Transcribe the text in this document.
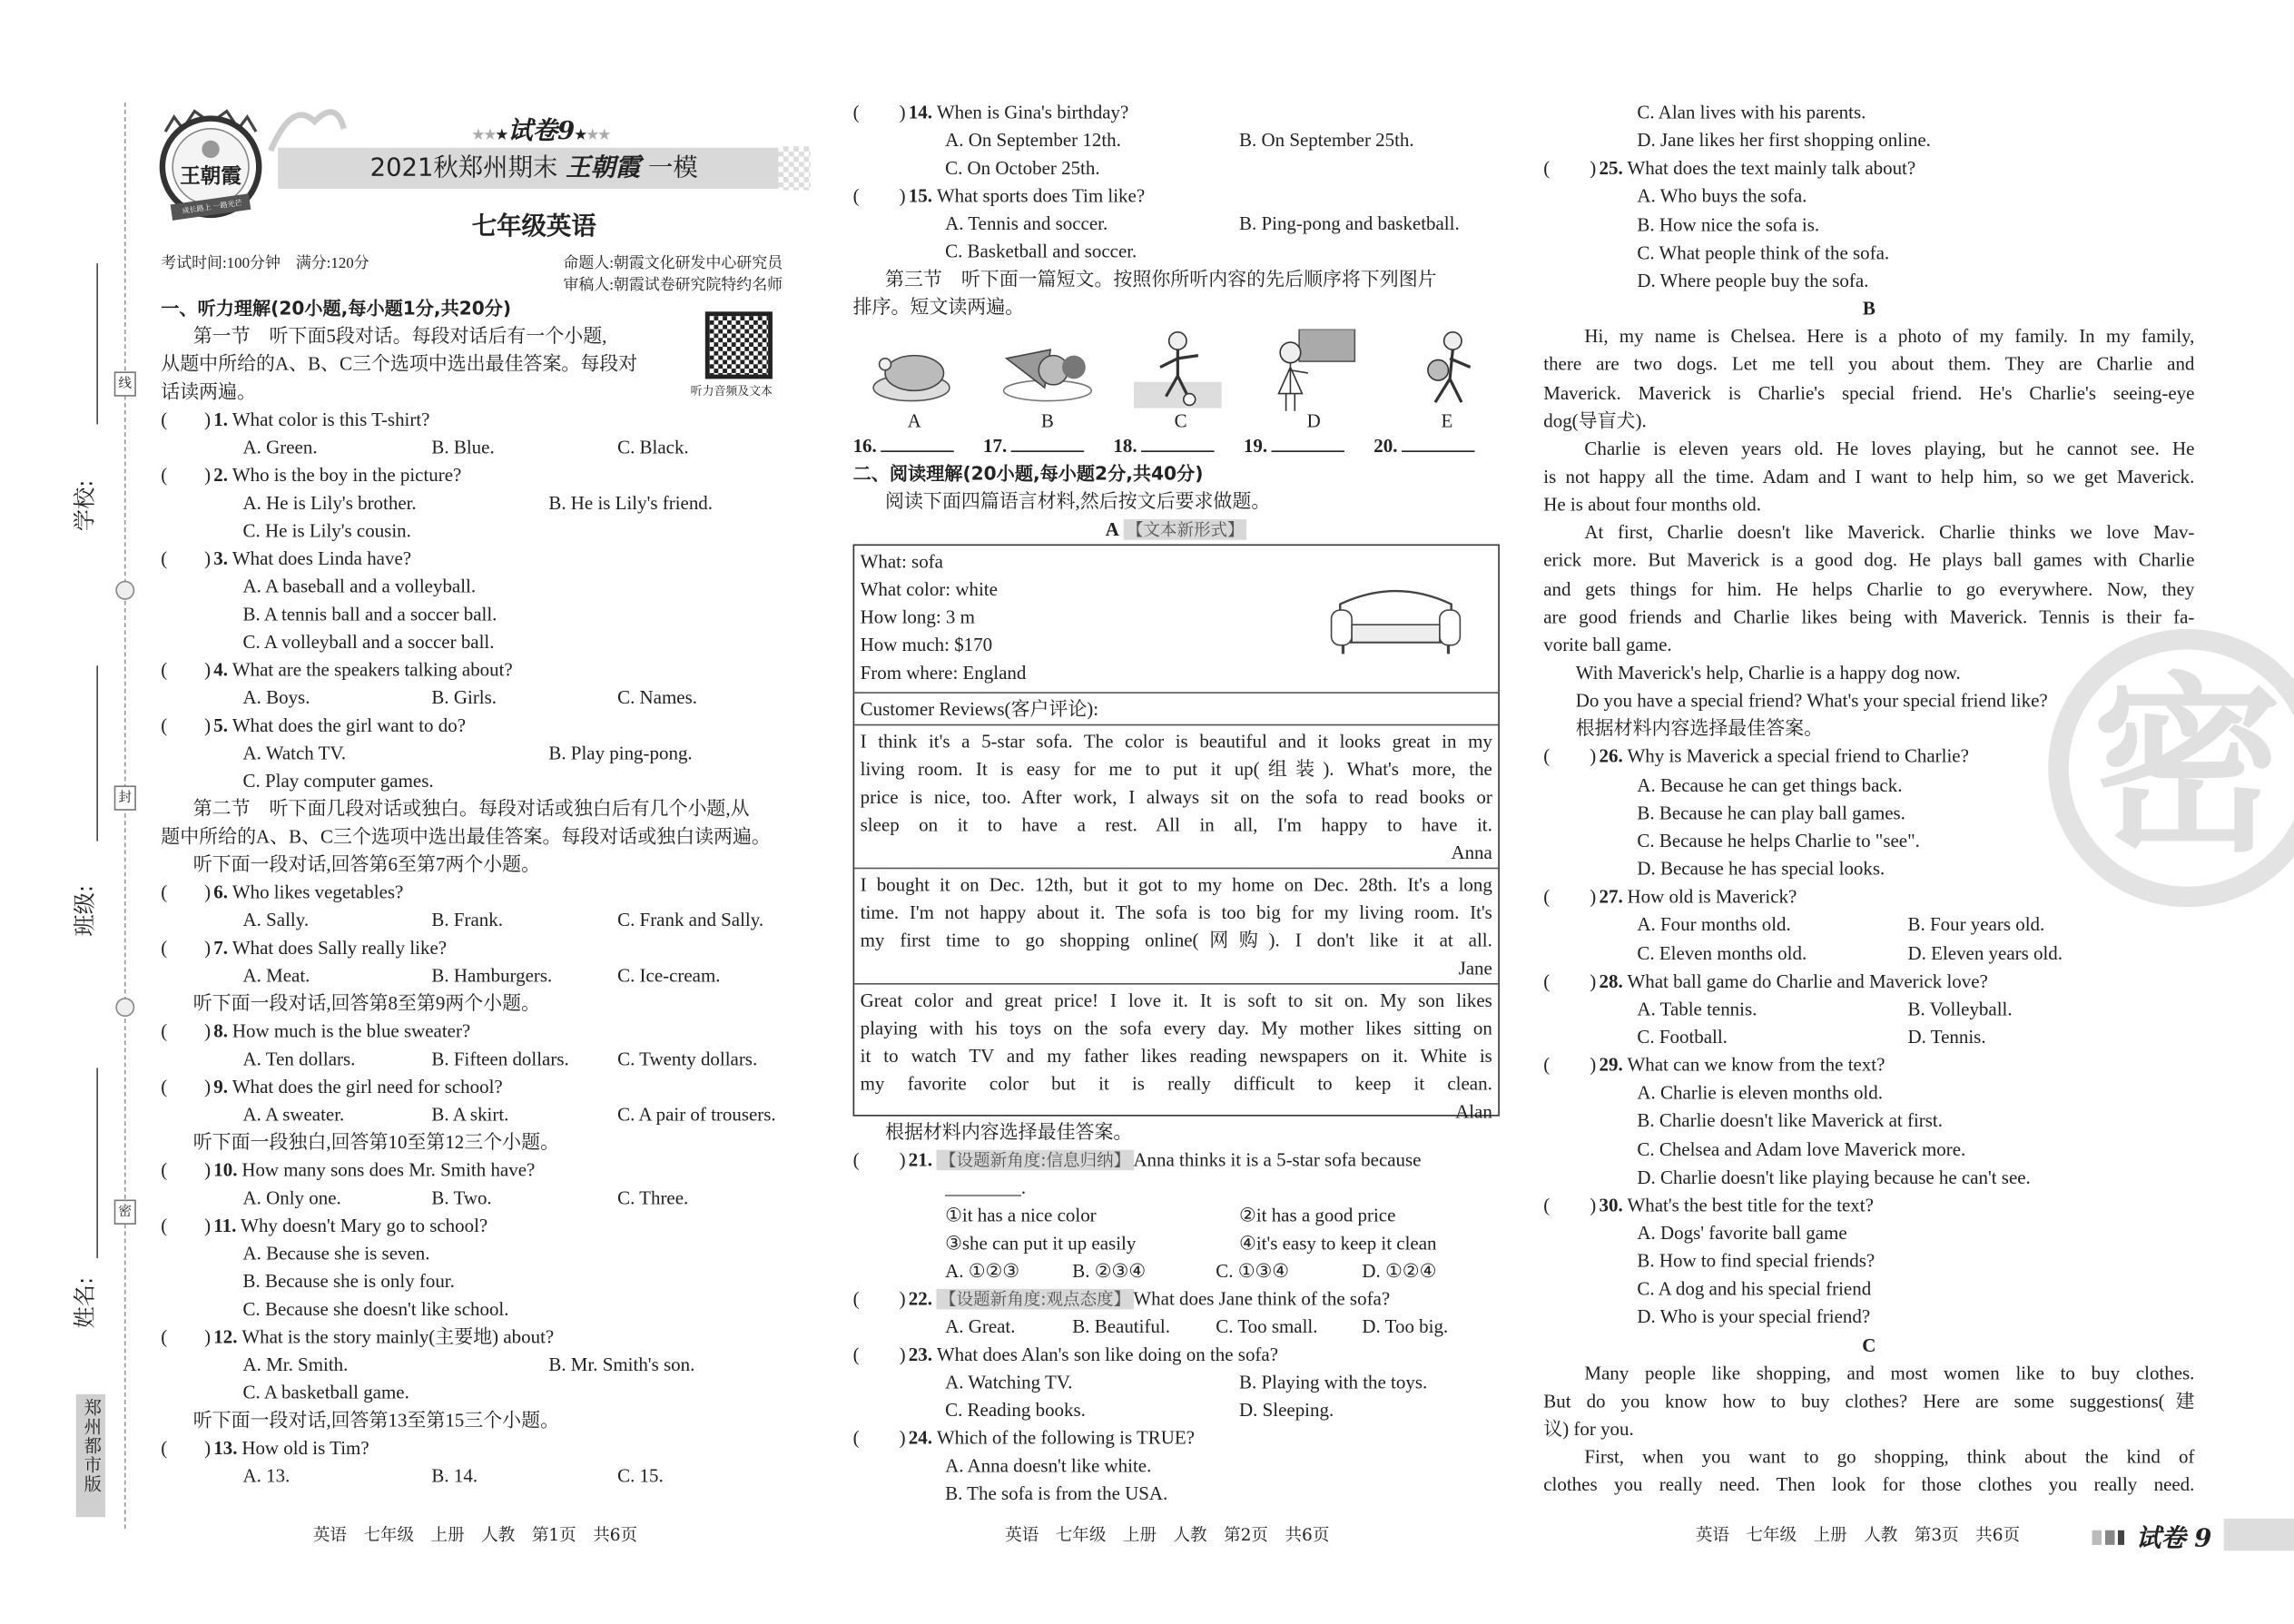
密
学校:
班级:
姓名:
线
封
密
郑州都市版
王朝霞
成长路上 一路光芒
★★★试卷9★★★
2021秋郑州期末 王朝霞 一模
七年级英语
考试时间:100分钟　满分:120分	命题人:朝霞文化研发中心研究员
审稿人:朝霞试卷研究院特约名师
听力音频及文本
一、听力理解(20小题,每小题1分,共20分)
第一节　听下面5段对话。每段对话后有一个小题,
从题中所给的A、B、C三个选项中选出最佳答案。每段对
话读两遍。
(   )1. What color is this T-shirt?
A. Green.	B. Blue.	C. Black.
(   )2. Who is the boy in the picture?
A. He is Lily's brother.	B. He is Lily's friend.
C. He is Lily's cousin.
(   )3. What does Linda have?
A. A baseball and a volleyball.
B. A tennis ball and a soccer ball.
C. A volleyball and a soccer ball.
(   )4. What are the speakers talking about?
A. Boys.	B. Girls.	C. Names.
(   )5. What does the girl want to do?
A. Watch TV.	B. Play ping-pong.
C. Play computer games.
第二节　听下面几段对话或独白。每段对话或独白后有几个小题,从
题中所给的A、B、C三个选项中选出最佳答案。每段对话或独白读两遍。
听下面一段对话,回答第6至第7两个小题。
(   )6. Who likes vegetables?
A. Sally.	B. Frank.	C. Frank and Sally.
(   )7. What does Sally really like?
A. Meat.	B. Hamburgers.	C. Ice-cream.
听下面一段对话,回答第8至第9两个小题。
(   )8. How much is the blue sweater?
A. Ten dollars.	B. Fifteen dollars.	C. Twenty dollars.
(   )9. What does the girl need for school?
A. A sweater.	B. A skirt.	C. A pair of trousers.
听下面一段独白,回答第10至第12三个小题。
(   )10. How many sons does Mr. Smith have?
A. Only one.	B. Two.	C. Three.
(   )11. Why doesn't Mary go to school?
A. Because she is seven.
B. Because she is only four.
C. Because she doesn't like school.
(   )12. What is the story mainly(主要地) about?
A. Mr. Smith.	B. Mr. Smith's son.
C. A basketball game.
听下面一段对话,回答第13至第15三个小题。
(   )13. How old is Tim?
A. 13.	B. 14.	C. 15.
(   )14. When is Gina's birthday?
A. On September 12th.	B. On September 25th.
C. On October 25th.
(   )15. What sports does Tim like?
A. Tennis and soccer.	B. Ping-pong and basketball.
C. Basketball and soccer.
第三节　听下面一篇短文。按照你所听内容的先后顺序将下列图片
排序。短文读两遍。
A	B	C	D	E
16.	17.	18.	19.	20.
二、阅读理解(20小题,每小题2分,共40分)
阅读下面四篇语言材料,然后按文后要求做题。
A 【文本新形式】
What: sofa
What color: white
How long: 3 m
How much: $170
From where: England
Customer Reviews(客户评论):
I think it's a 5-star sofa. The color is beautiful and it looks great in my
living room. It is easy for me to put it up(组装). What's more, the
price is nice, too. After work, I always sit on the sofa to read books or
sleep on it to have a rest. All in all, I'm happy to have it.
Anna
I bought it on Dec. 12th, but it got to my home on Dec. 28th. It's a long
time. I'm not happy about it. The sofa is too big for my living room. It's
my first time to go shopping online(网购). I don't like it at all.
Jane
Great color and great price! I love it. It is soft to sit on. My son likes
playing with his toys on the sofa every day. My mother likes sitting on
it to watch TV and my father likes reading newspapers on it. White is
my favorite color but it is really difficult to keep it clean.
Alan
根据材料内容选择最佳答案。
(   )21. 【设题新角度:信息归纳】 Anna thinks it is a 5-star sofa because
________.
①it has a nice color	②it has a good price
③she can put it up easily	④it's easy to keep it clean
A. ①②③	B. ②③④	C. ①③④	D. ①②④
(   )22. 【设题新角度:观点态度】 What does Jane think of the sofa?
A. Great.	B. Beautiful.	C. Too small.	D. Too big.
(   )23. What does Alan's son like doing on the sofa?
A. Watching TV.	B. Playing with the toys.
C. Reading books.	D. Sleeping.
(   )24. Which of the following is TRUE?
A. Anna doesn't like white.
B. The sofa is from the USA.
C. Alan lives with his parents.
D. Jane likes her first shopping online.
(   )25. What does the text mainly talk about?
A. Who buys the sofa.
B. How nice the sofa is.
C. What people think of the sofa.
D. Where people buy the sofa.
B
Hi, my name is Chelsea. Here is a photo of my family. In my family,
there are two dogs. Let me tell you about them. They are Charlie and
Maverick. Maverick is Charlie's special friend. He's Charlie's seeing-eye
dog(导盲犬).
Charlie is eleven years old. He loves playing, but he cannot see. He
is not happy all the time. Adam and I want to help him, so we get Maverick.
He is about four months old.
At first, Charlie doesn't like Maverick. Charlie thinks we love Mav-
erick more. But Maverick is a good dog. He plays ball games with Charlie
and gets things for him. He helps Charlie to go everywhere. Now, they
are good friends and Charlie likes being with Maverick. Tennis is their fa-
vorite ball game.
With Maverick's help, Charlie is a happy dog now.
Do you have a special friend? What's your special friend like?
根据材料内容选择最佳答案。
(   )26. Why is Maverick a special friend to Charlie?
A. Because he can get things back.
B. Because he can play ball games.
C. Because he helps Charlie to "see".
D. Because he has special looks.
(   )27. How old is Maverick?
A. Four months old.	B. Four years old.
C. Eleven months old.	D. Eleven years old.
(   )28. What ball game do Charlie and Maverick love?
A. Table tennis.	B. Volleyball.
C. Football.	D. Tennis.
(   )29. What can we know from the text?
A. Charlie is eleven months old.
B. Charlie doesn't like Maverick at first.
C. Chelsea and Adam love Maverick more.
D. Charlie doesn't like playing because he can't see.
(   )30. What's the best title for the text?
A. Dogs' favorite ball game
B. How to find special friends?
C. A dog and his special friend
D. Who is your special friend?
C
Many people like shopping, and most women like to buy clothes.
But do you know how to buy clothes? Here are some suggestions(建
议) for you.
First, when you want to go shopping, think about the kind of
clothes you really need. Then look for those clothes you really need.
英语　七年级　上册　人教　第1页　共6页	英语　七年级　上册　人教　第2页　共6页	英语　七年级　上册　人教　第3页　共6页	试卷 9
